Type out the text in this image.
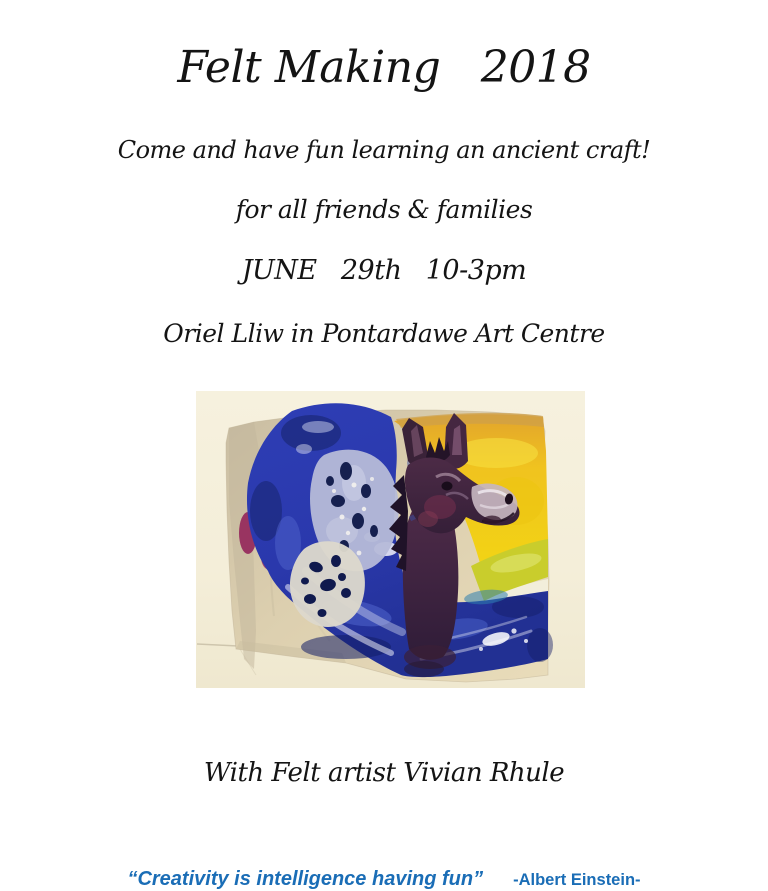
Felt Making   2018

Come and have fun learning an ancient craft!

for all friends & families

JUNE   29th   10-3pm

Oriel Lliw in Pontardawe Art Centre

With Felt artist Vivian Rhule

“Creativity is intelligence having fun” -Albert Einstein-
